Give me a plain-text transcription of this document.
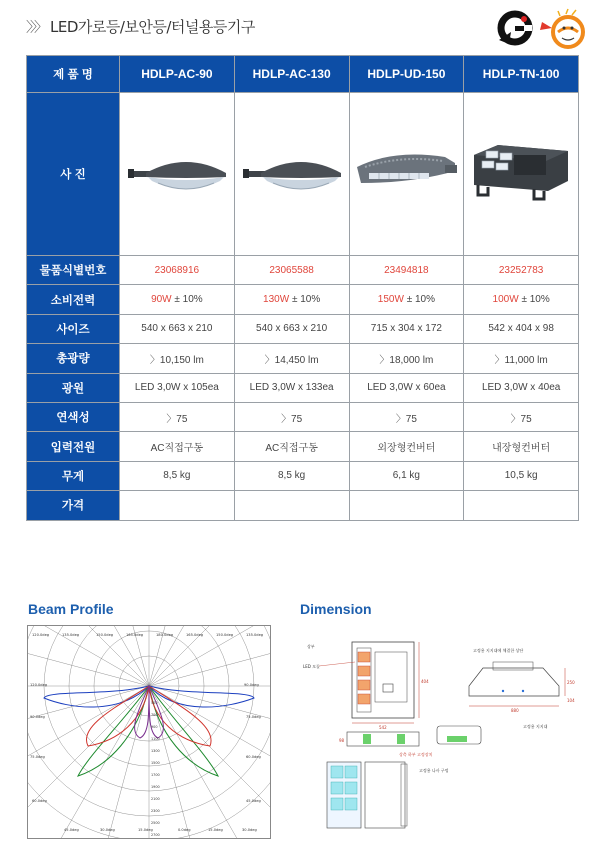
〉〉〉 LED가로등/보안등/터널용등기구
제 품 명	HDLP-AC-90	HDLP-AC-130	HDLP-UD-150	HDLP-TN-100
사 진				
물품식별번호	23068916	23065588	23494818	23252783
소비전력	90W ± 10%	130W ± 10%	150W ± 10%	100W ± 10%
사이즈	540 x 663 x 210	540 x 663 x 210	715 x 304 x 172	542 x 404 x 98
총광량	〉10,150 lm	〉14,450 lm	〉18,000 lm	〉11,000 lm
광원	LED 3,0W x 105ea	LED 3,0W x 133ea	LED 3,0W x 60ea	LED 3,0W x 40ea
연색성	〉75	〉75	〉75	〉75
입력전원	AC직접구동	AC직접구동	외장형컨버터	내장형컨버터
무게	8,5 kg	8,5 kg	6,1 kg	10,5 kg
가격				
Beam Profile
120.0deg	135.0deg	150.0deg	165.0deg	180.0deg	165.0deg	150.0deg	135.0deg
120.0deg	90.0deg
90.0deg	75.0deg
75.0deg	60.0deg
60.0deg	45.0deg
45.0deg	30.0deg	15.0deg	0.0deg	15.0deg	30.0deg
500
700
900
1100
1300
1500
1700
1900
2100
2300
2500
2700
Dimension
상부
LED 모듈
542
404
98
상측 하부 고정장치
고정용 지지대에 체결한 상단
880
250
104
고정용 지지대
고정용 나사 구멍
